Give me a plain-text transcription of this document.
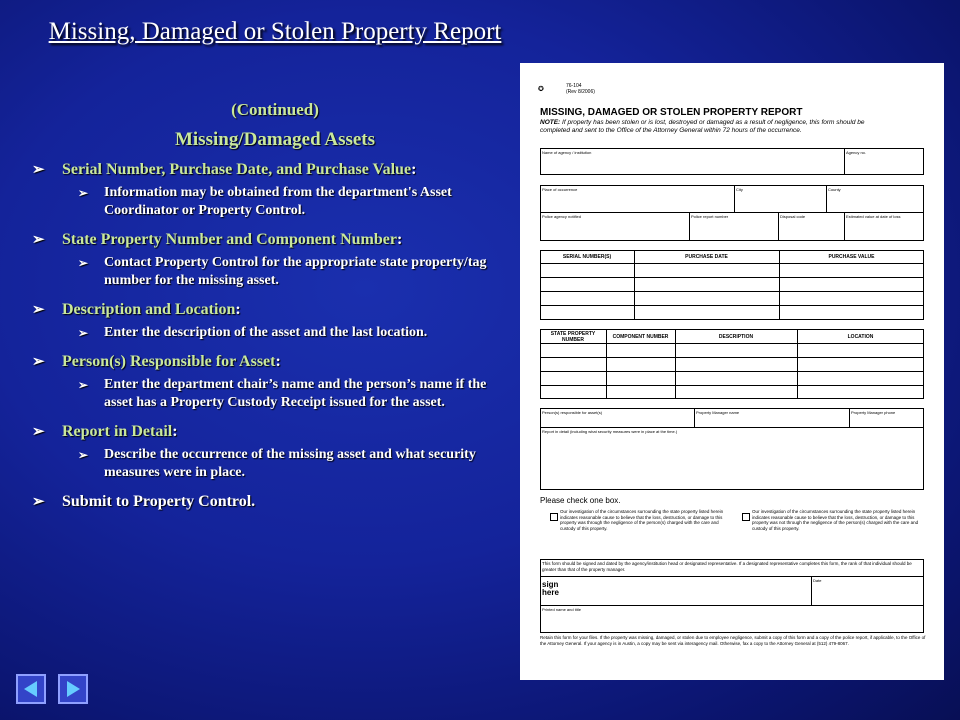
Missing, Damaged or Stolen Property Report
(Continued)
Missing/Damaged Assets
➢ Serial Number, Purchase Date, and Purchase Value:
➢ Information may be obtained from the department's Asset Coordinator or Property Control.
➢ State Property Number and Component Number:
➢ Contact Property Control for the appropriate state property/tag number for the missing asset.
➢ Description and Location:
➢ Enter the description of the asset and the last location.
➢ Person(s) Responsible for Asset:
➢ Enter the department chair’s name and the person’s name if the asset has a Property Custody Receipt issued for the asset.
➢ Report in Detail:
➢ Describe the occurrence of the missing asset and what security measures were in place.
➢ Submit to Property Control.
✪	76-104
(Rev 8/2006)
MISSING, DAMAGED OR STOLEN PROPERTY REPORT
NOTE: If property has been stolen or is lost, destroyed or damaged as a result of negligence, this form should be completed and sent to the Office of the Attorney General within 72 hours of the occurrence.
Name of agency / institution	Agency no.
Place of occurrence	City	County
Police agency notified	Police report number	Disposal code	Estimated value at date of loss
SERIAL NUMBER(S)	PURCHASE DATE	PURCHASE VALUE
STATE PROPERTY NUMBER	COMPONENT NUMBER	DESCRIPTION	LOCATION
Person(s) responsible for asset(s)	Property Manager name	Property Manager phone
Report in detail (including what security measures were in place at the time.)
Please check one box.
Our investigation of the circumstances surrounding the state property listed herein indicates reasonable cause to believe that the loss, destruction, or damage to this property was through the negligence of the person(s) charged with the care and custody of this property.
Our investigation of the circumstances surrounding the state property listed herein indicates reasonable cause to believe that the loss, destruction, or damage to this property was not through the negligence of the person(s) charged with the care and custody of this property.
This form should be signed and dated by the agency/institution head or designated representative. If a designated representative completes this form, the rank of that individual should be greater than that of the property manager.
sign
here
Date
Printed name and title
Retain this form for your files. If the property was missing, damaged, or stolen due to employee negligence, submit a copy of this form and a copy of the police report, if applicable, to the Office of the Attorney General. If your agency is in Austin, a copy may be sent via interagency mail. Otherwise, fax a copy to the Attorney General at (512) 479-8067.
